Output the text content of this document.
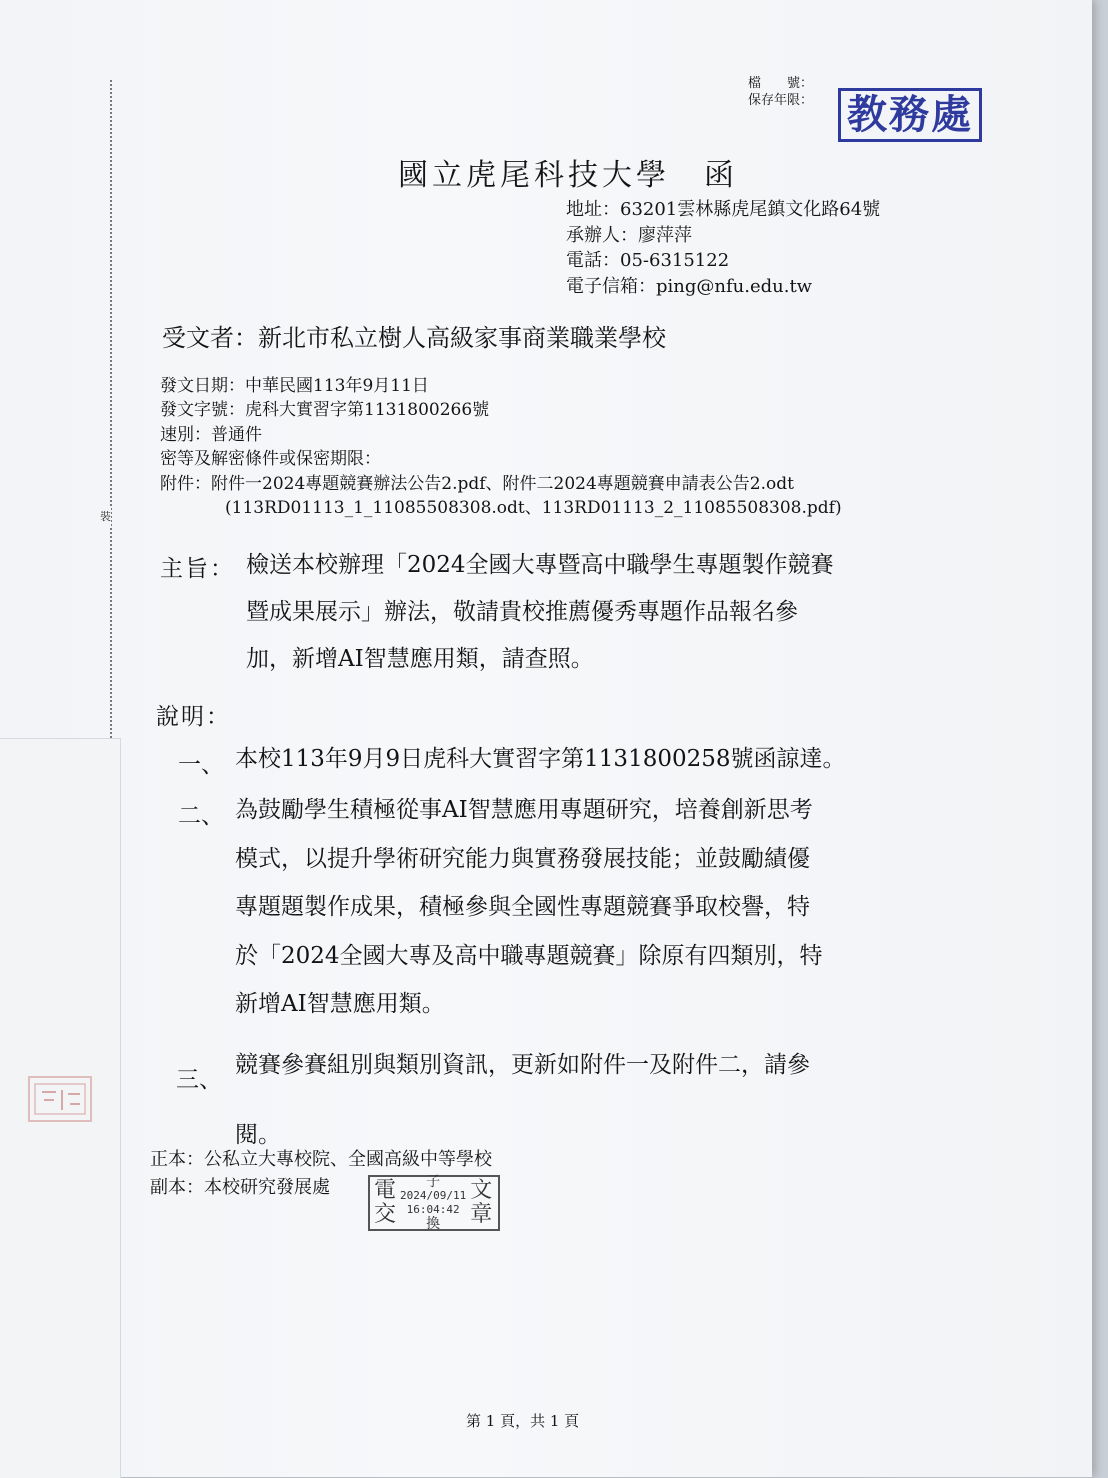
裝
檔　　號：
保存年限： 教務處
國立虎尾科技大學　函
地址：63201雲林縣虎尾鎮文化路64號
承辦人：廖萍萍
電話：05-6315122
電子信箱：ping@nfu.edu.tw
受文者：新北市私立樹人高級家事商業職業學校
發文日期：中華民國113年9月11日
發文字號：虎科大實習字第1131800266號
速別：普通件
密等及解密條件或保密期限：
附件：附件一2024專題競賽辦法公告2.pdf、附件二2024專題競賽申請表公告2.odt
(113RD01113_1_11085508308.odt、113RD01113_2_11085508308.pdf)
主旨： 檢送本校辦理「2024全國大專暨高中職學生專題製作競賽
暨成果展示」辦法，敬請貴校推薦優秀專題作品報名參
加，新增AI智慧應用類，請查照。
說明：
一、 本校113年9月9日虎科大實習字第1131800258號函諒達。
二、 為鼓勵學生積極從事AI智慧應用專題研究，培養創新思考
模式，以提升學術研究能力與實務發展技能；並鼓勵績優
專題題製作成果，積極參與全國性專題競賽爭取校譽，特
於「2024全國大專及高中職專題競賽」除原有四類別，特
新增AI智慧應用類。
三、
競賽參賽組別與類別資訊，更新如附件一及附件二，請參
閱。
正本：公私立大專校院、全國高級中等學校
副本：本校研究發展處	電
交
子
2024/09/11
16:04:42
換
文
章
第 1 頁，共 1 頁
